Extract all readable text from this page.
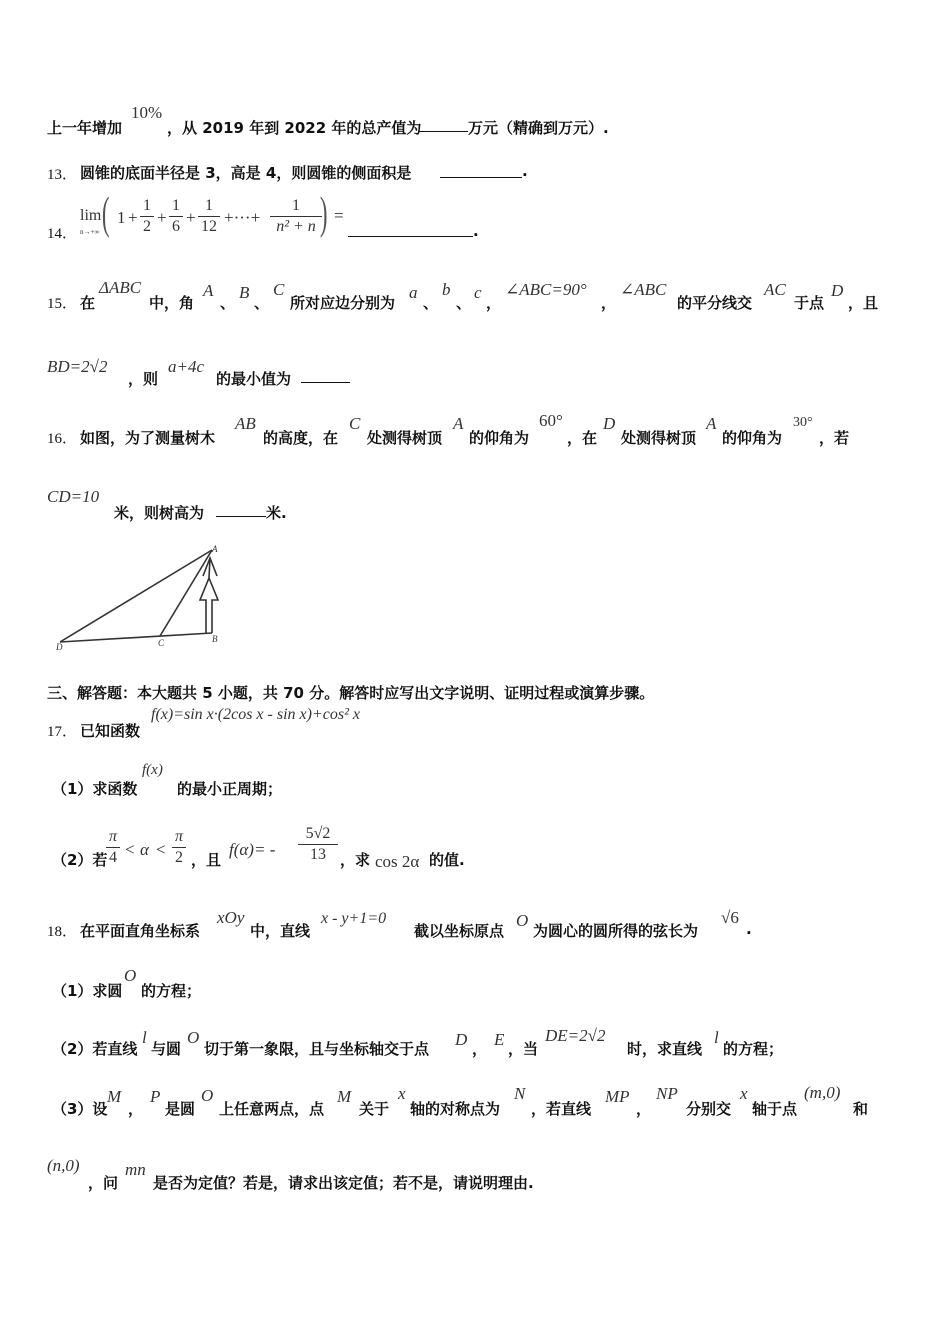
上一年增加
10%
，从 2019 年到 2022 年的总产值为	万元（精确到万元）.
13． 圆锥的底面半径是 3，高是 4，则圆锥的侧面积是	.
14．
lim
n→+∞ ( 1 +
1
2 +
1
6 +
1
12 +···+
1
n² + n ) =
.
15． 在
ΔABC
中，角
A
、
B
、
C
所对应边分别为
a
、
b
、
c
，
∠ABC=90°
，
∠ABC
的平分线交
AC
于点
D
，且
BD=2√2
，则
a+4c
的最小值为
16． 如图，为了测量树木
AB
的高度，在
C
处测得树顶
A
的仰角为
60°
，在
D
处测得树顶
A
的仰角为
30°
，若
CD=10
米，则树高为	米.
A
B
C
D
三、解答题：本大题共 5 小题，共 70 分。解答时应写出文字说明、证明过程或演算步骤。
17． 已知函数
f(x)=sin x·(2cos x - sin x)+cos² x
（1）求函数
f(x)
的最小正周期；
（2）若
π
4 < α <
π
2 ，且
f(α)= -
5√2
13 ，求 cos 2α 的值.
18． 在平面直角坐标系
xOy
中，直线
x - y+1=0
截以坐标原点
O
为圆心的圆所得的弦长为
√6
.
（1）求圆
O
的方程；
（2）若直线
l
与圆
O
切于第一象限，且与坐标轴交于点 D ， E ，当
DE=2√2
时，求直线
l
的方程；
（3）设
M
，
P
是圆
O
上任意两点，点
M
关于
x
轴的对称点为
N
，若直线
MP
，
NP
分别交
x
轴于点
(m,0)
和
(n,0)
，问
mn
是否为定值？若是，请求出该定值；若不是，请说明理由.
